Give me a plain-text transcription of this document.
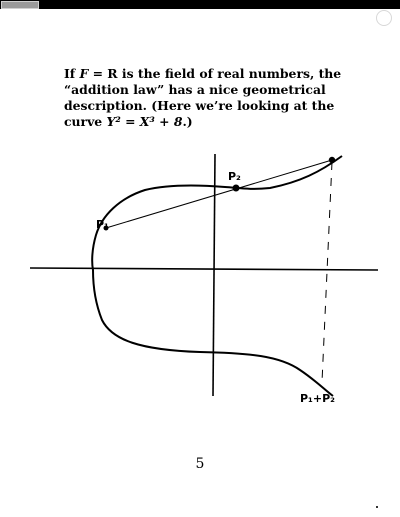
If F = R is the field of real numbers, the “addition law” has a nice geometrical description. (Here we’re looking at the curve Y² = X³ + 8.)

P₁
P₂
P₁+P₂
5
